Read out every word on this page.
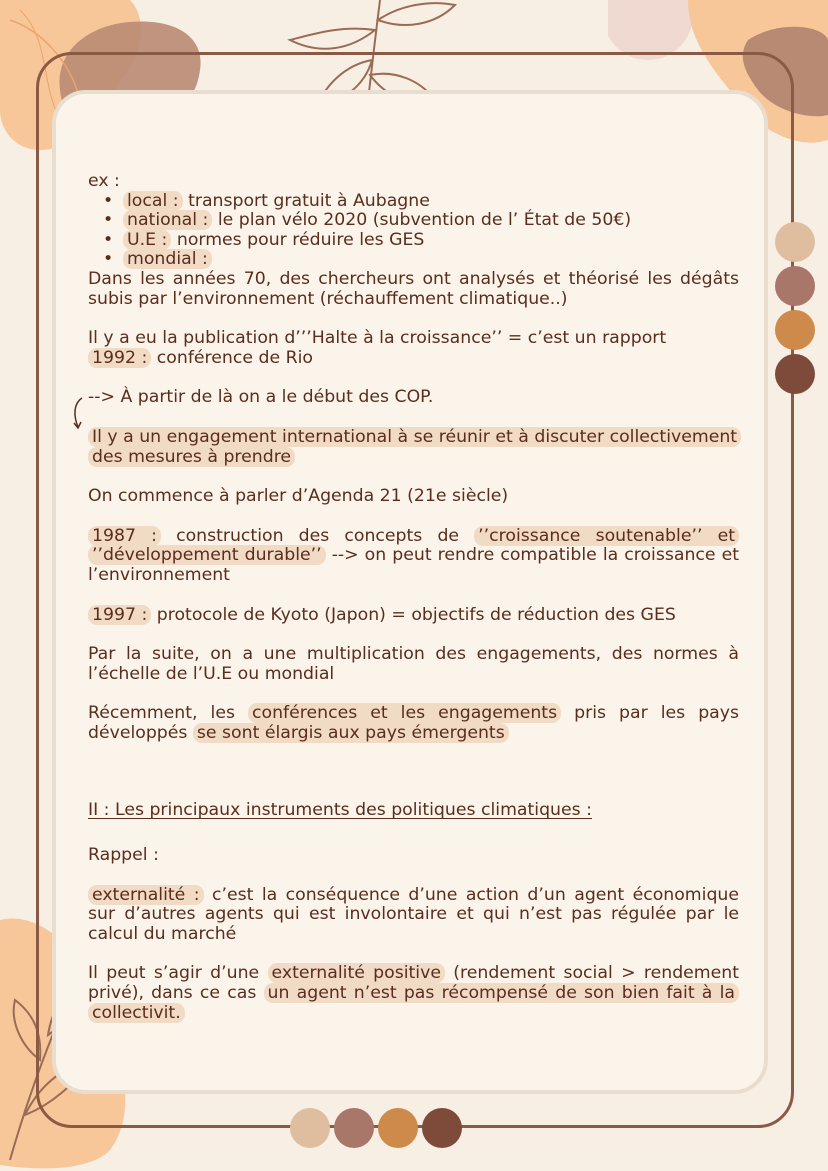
ex :

• local : transport gratuit à Aubagne
• national : le plan vélo 2020 (subvention de l’ État de 50€)
• U.E : normes pour réduire les GES
• mondial :

Dans les années 70, des chercheurs ont analysés et théorisé les dégâts subis par l’environnement (réchauffement climatique..)

Il y a eu la publication d’’’Halte à la croissance’’ = c’est un rapport
1992 : conférence de Rio

--> À partir de là on a le début des COP.

Il y a un engagement international à se réunir et à discuter collectivement des mesures à prendre

On commence à parler d’Agenda 21 (21e siècle)

1987 : construction des concepts de ’’croissance soutenable’’ et ’’développement durable’’ --> on peut rendre compatible la croissance et l’environnement

1997 : protocole de Kyoto (Japon) = objectifs de réduction des GES

Par la suite, on a une multiplication des engagements, des normes à l’échelle de l’U.E ou mondial

Récemment, les conférences et les engagements pris par les pays développés se sont élargis aux pays émergents

II : Les principaux instruments des politiques climatiques :

Rappel :

externalité : c’est la conséquence d’une action d’un agent économique sur d’autres agents qui est involontaire et qui n’est pas régulée par le calcul du marché

Il peut s’agir d’une externalité positive (rendement social > rendement privé), dans ce cas un agent n’est pas récompensé de son bien fait à la collectivit.
